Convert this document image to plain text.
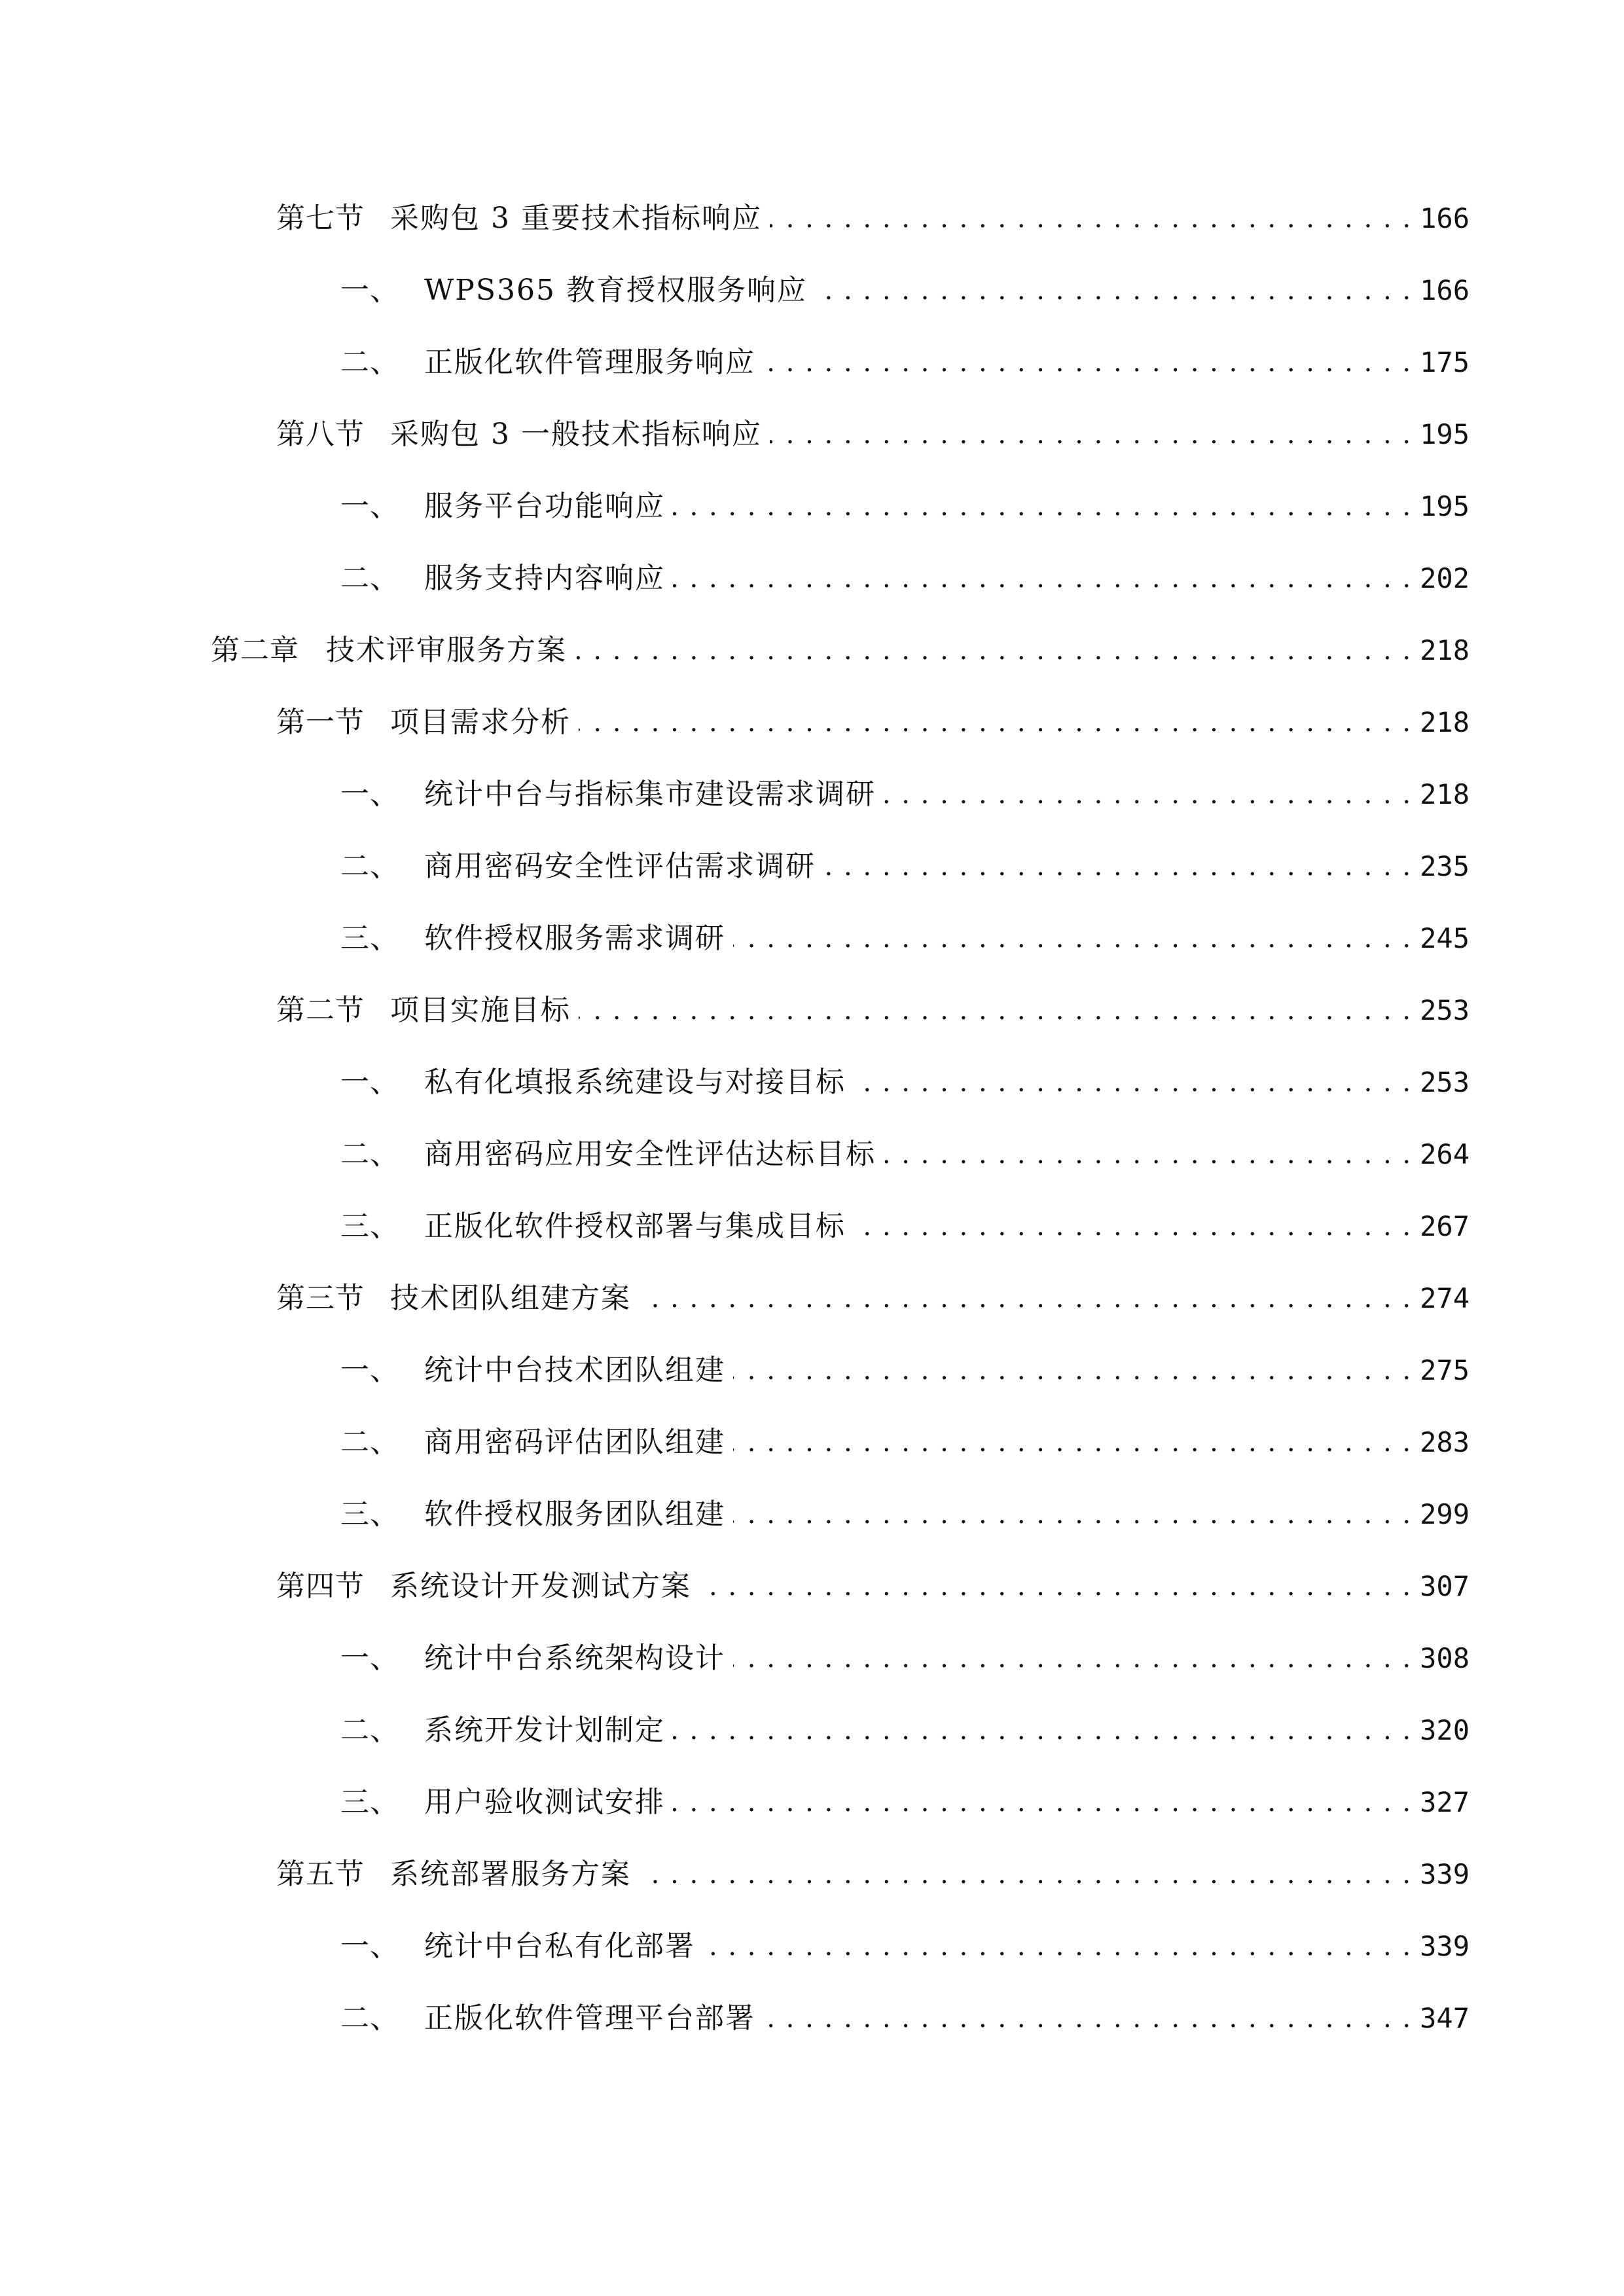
第七节 采购包 3 重要技术指标响应 . . .	166
一、 WPS365 教育授权服务响应 . . .	166
二、 正版化软件管理服务响应 . . .	175
第八节 采购包 3 一般技术指标响应 . . .	195
一、 服务平台功能响应 . . .	195
二、 服务支持内容响应 . . .	202
第二章 技术评审服务方案 . . .	218
第一节 项目需求分析 . . .	218
一、 统计中台与指标集市建设需求调研 . . .	218
二、 商用密码安全性评估需求调研 . . .	235
三、 软件授权服务需求调研 . . .	245
第二节 项目实施目标 . . .	253
一、 私有化填报系统建设与对接目标 . . .	253
二、 商用密码应用安全性评估达标目标 . . .	264
三、 正版化软件授权部署与集成目标 . . .	267
第三节 技术团队组建方案 . . .	274
一、 统计中台技术团队组建 . . .	275
二、 商用密码评估团队组建 . . .	283
三、 软件授权服务团队组建 . . .	299
第四节 系统设计开发测试方案 . . .	307
一、 统计中台系统架构设计 . . .	308
二、 系统开发计划制定 . . .	320
三、 用户验收测试安排 . . .	327
第五节 系统部署服务方案 . . .	339
一、 统计中台私有化部署 . . .	339
二、 正版化软件管理平台部署 . . .	347
